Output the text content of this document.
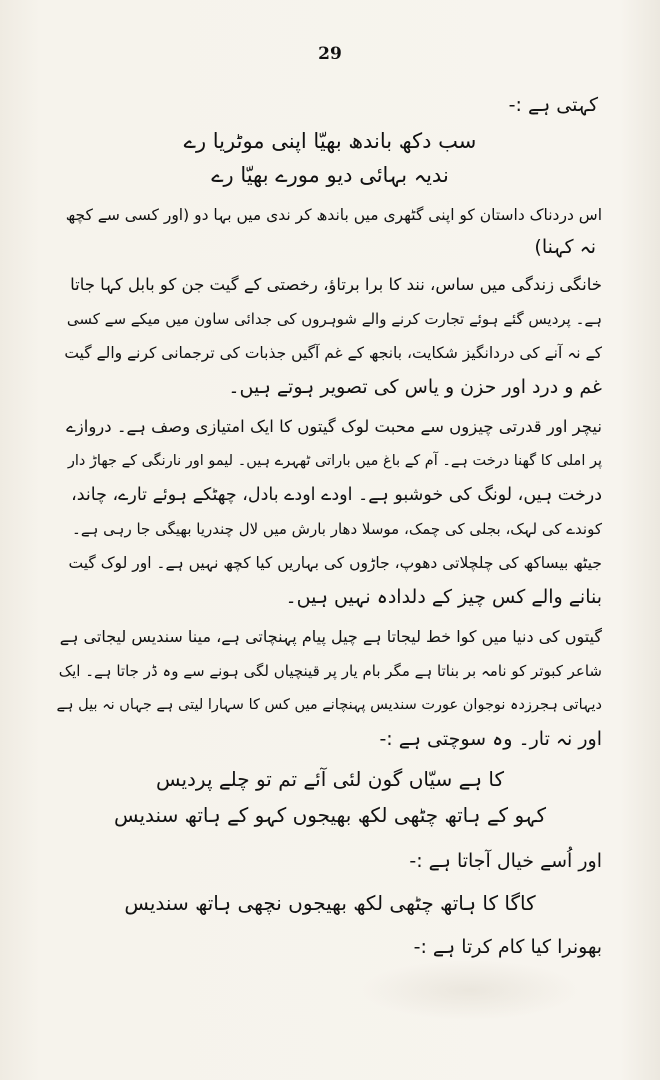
29
کہتی ہے :-
سب دکھ باندھ بھیّا اپنی موٹریا رے
ندیہ بہائی دیو مورے بھیّا رے
اس دردناک داستان کو اپنی گٹھری میں باندھ کر ندی میں بہا دو (اور کسی سے کچھ
نہ کہنا)
خانگی زندگی میں ساس، نند کا برا برتاؤ، رخصتی کے گیت جن کو بابل کہا جاتا
ہے۔ پردیس گئے ہوئے تجارت کرنے والے شوہروں کی جدائی ساون میں میکے سے کسی
کے نہ آنے کی دردانگیز شکایت، بانجھ کے غم آگیں جذبات کی ترجمانی کرنے والے گیت
غم و درد اور حزن و یاس کی تصویر ہوتے ہیں۔
نیچر اور قدرتی چیزوں سے محبت لوک گیتوں کا ایک امتیازی وصف ہے۔ دروازے
پر املی کا گھنا درخت ہے۔ آم کے باغ میں باراتی ٹھہرے ہیں۔ لیمو اور نارنگی کے جھاڑ دار
درخت ہیں، لونگ کی خوشبو ہے۔ اودے اودے بادل، چھٹکے ہوئے تارے، چاند،
کوندے کی لہک، بجلی کی چمک، موسلا دھار بارش میں لال چندریا بھیگی جا رہی ہے۔
جیٹھ بیساکھ کی چلچلاتی دھوپ، جاڑوں کی بہاریں کیا کچھ نہیں ہے۔ اور لوک گیت
بنانے والے کس چیز کے دلدادہ نہیں ہیں۔
گیتوں کی دنیا میں کوا خط لیجاتا ہے چیل پیام پہنچاتی ہے، مینا سندیس لیجاتی ہے
شاعر کبوتر کو نامہ بر بناتا ہے مگر بام یار پر قینچیاں لگی ہونے سے وہ ڈر جاتا ہے۔ ایک
دیہاتی ہجرزدہ نوجوان عورت سندیس پہنچانے میں کس کا سہارا لیتی ہے جہاں نہ بیل ہے
اور نہ تار۔ وہ سوچتی ہے :-
کا ہے سیّاں گون لئی آئے تم تو چلے پردیس
کہو کے ہاتھ چٹھی لکھ بھیجوں کہو کے ہاتھ سندیس
اور اُسے خیال آجاتا ہے :-
کاگا کا ہاتھ چٹھی لکھ بھیجوں نچھی ہاتھ سندیس
بھونرا کیا کام کرتا ہے :-
